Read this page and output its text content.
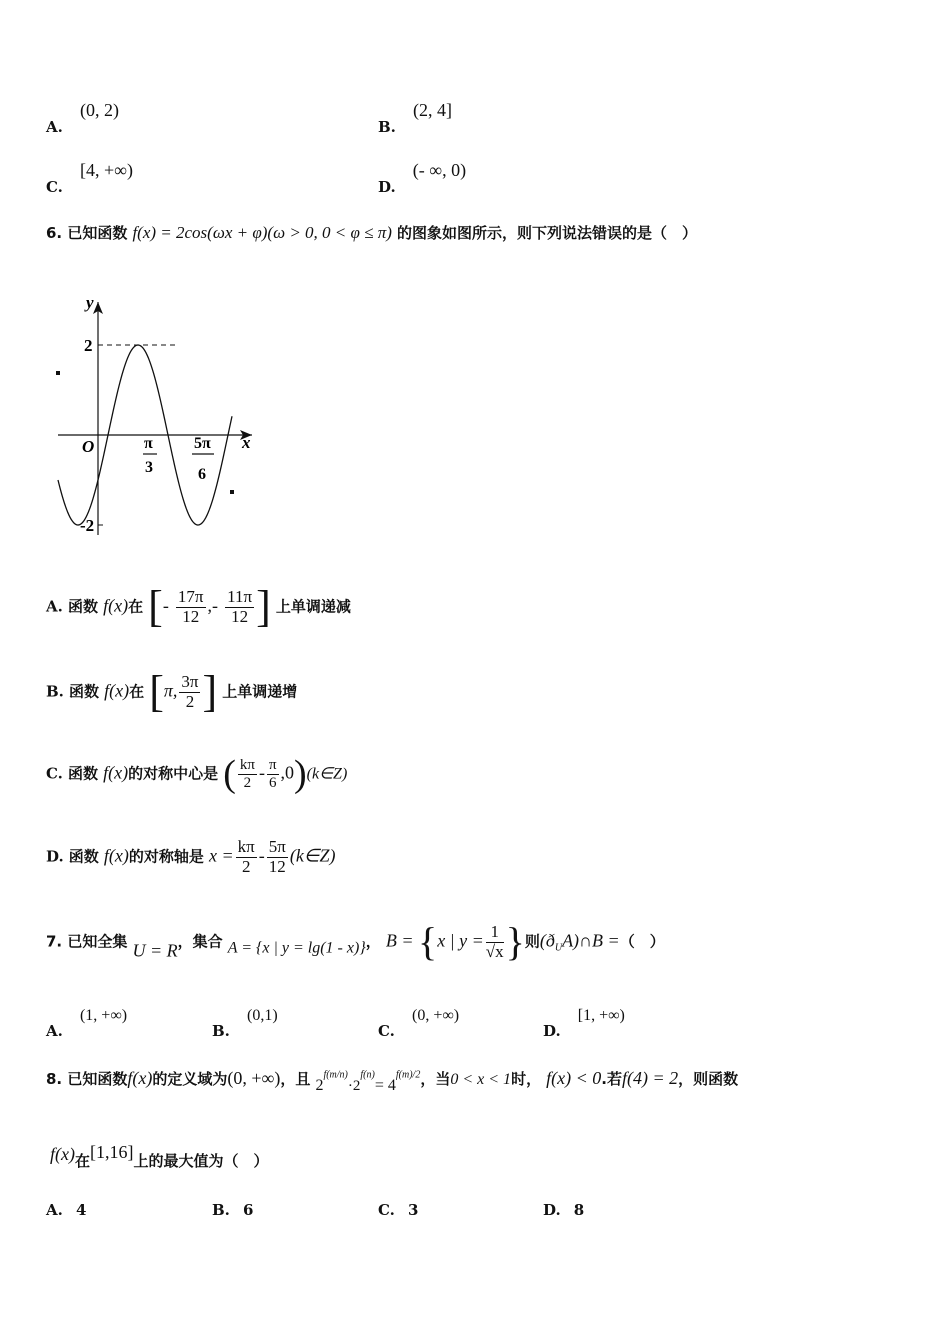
A. (0, 2)
B. (2, 4]
C. [4, +∞)
D. (- ∞, 0)
6. 已知函数 f(x) = 2cos(ωx + φ)(ω > 0, 0 < φ ≤ π) 的图象如图所示，则下列说法错误的是（　）
y
x
O
2
-2
π
3
5π
6
A. 函数 f(x)在 [- $\frac{17\pi}{12}$ ,- $\frac{11\pi}{12}$ ] 上单调递减
B. 函数 f(x)在 [π, $\frac{3\pi}{2}$ ] 上单调递增
C. 函数 f(x)的对称中心是 ( $\frac{k\pi}{2} - \frac{\pi}{6}$ ,0)(k∈Z)
D. 函数 f(x)的对称轴是 $x = \frac{k\pi}{2} - \frac{5\pi}{12}$ (k∈Z)
7. 已知全集 U = R，集合 A = {x | y = lg(1 - x)}， B = {x | $y = \frac{1}{√x}$ }则$(ð_UA)\cap B$ =（　）
A. (1, +∞)
B. (0,1)
C. (0, +∞)
D. [1, +∞)
8. 已知函数f(x)的定义域为(0, +∞)，且 $2^{f(m/n)}\cdot 2^{f(n)}= 4^{f(m)/2}$，当0 < x < 1时， f(x) < 0.若f(4) = 2，则函数
f(x)在[1,16]上的最大值为（　）
A. 4	B. 6	C. 3	D. 8
